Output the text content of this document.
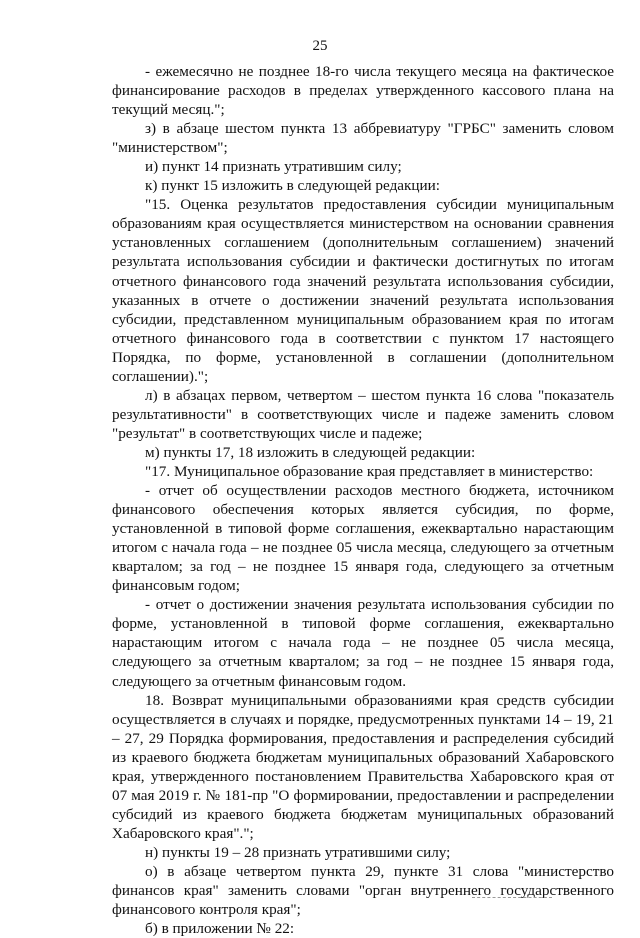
25

- ежемесячно не позднее 18-го числа текущего месяца на фактическое финансирование расходов в пределах утвержденного кассового плана на текущий месяц.";

з) в абзаце шестом пункта 13 аббревиатуру "ГРБС" заменить словом "министерством";

и) пункт 14 признать утратившим силу;

к) пункт 15 изложить в следующей редакции:

"15. Оценка результатов предоставления субсидии муниципальным образованиям края осуществляется министерством на основании сравнения установленных соглашением (дополнительным соглашением) значений результата использования субсидии и фактически достигнутых по итогам отчетного финансового года значений результата использования субсидии, указанных в отчете о достижении значений результата использования субсидии, представленном муниципальным образованием края по итогам отчетного финансового года в соответствии с пунктом 17 настоящего Порядка, по форме, установленной в соглашении (дополнительном соглашении).";

л) в абзацах первом, четвертом – шестом пункта 16 слова "показатель результативности" в соответствующих числе и падеже заменить словом "результат" в соответствующих числе и падеже;

м) пункты 17, 18 изложить в следующей редакции:

"17. Муниципальное образование края представляет в министерство:

- отчет об осуществлении расходов местного бюджета, источником финансового обеспечения которых является субсидия, по форме, установленной в типовой форме соглашения, ежеквартально нарастающим итогом с начала года – не позднее 05 числа месяца, следующего за отчетным кварталом; за год – не позднее 15 января года, следующего за отчетным финансовым годом;

- отчет о достижении значения результата использования субсидии по форме, установленной в типовой форме соглашения, ежеквартально нарастающим итогом с начала года – не позднее 05 числа месяца, следующего за отчетным кварталом; за год – не позднее 15 января года, следующего за отчетным финансовым годом.

18. Возврат муниципальными образованиями края средств субсидии осуществляется в случаях и порядке, предусмотренных пунктами 14 – 19, 21 – 27, 29 Порядка формирования, предоставления и распределения субсидий из краевого бюджета бюджетам муниципальных образований Хабаровского края, утвержденного постановлением Правительства Хабаровского края от 07 мая 2019 г. № 181-пр "О формировании, предоставлении и распределении субсидий из краевого бюджета бюджетам муниципальных образований Хабаровского края".";

н) пункты 19 – 28 признать утратившими силу;

о) в абзаце четвертом пункта 29, пункте 31 слова "министерство финансов края" заменить словами "орган внутреннего государственного финансового контроля края";

б) в приложении № 22:
